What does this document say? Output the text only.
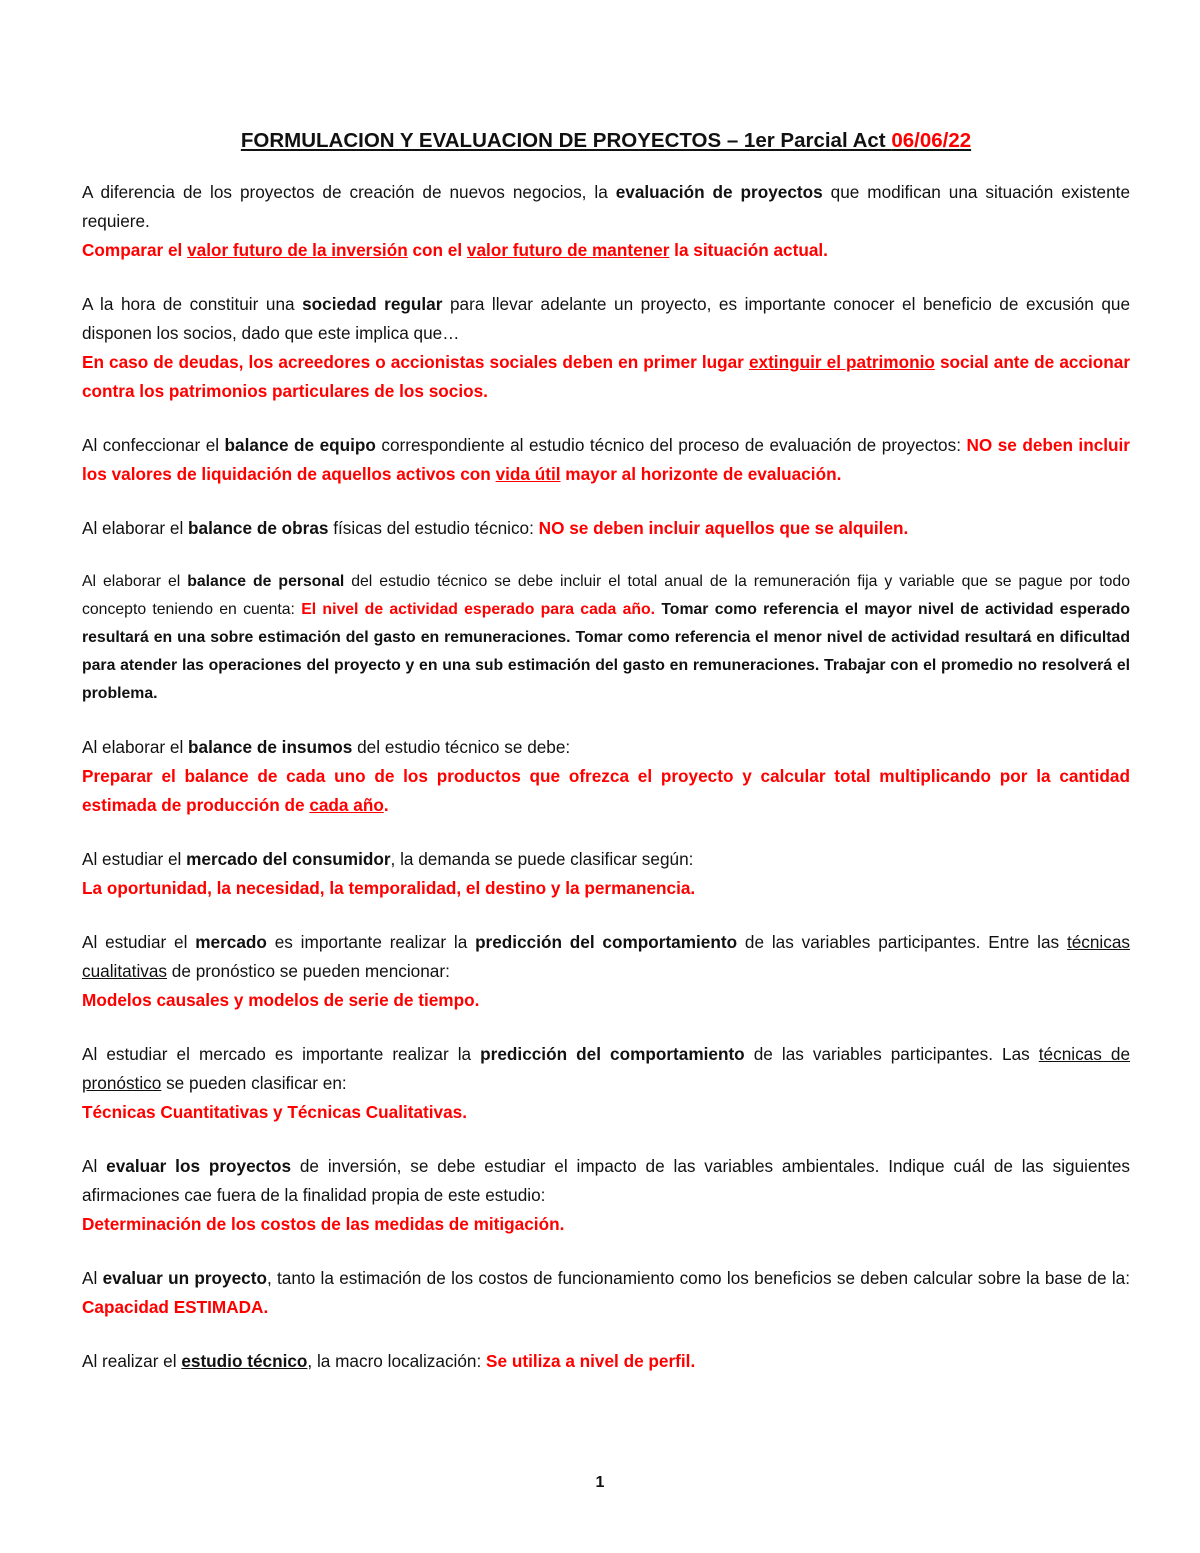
FORMULACION Y EVALUACION DE PROYECTOS – 1er Parcial Act 06/06/22
A diferencia de los proyectos de creación de nuevos negocios, la evaluación de proyectos que modifican una situación existente requiere.
Comparar el valor futuro de la inversión con el valor futuro de mantener la situación actual.
A la hora de constituir una sociedad regular para llevar adelante un proyecto, es importante conocer el beneficio de excusión que disponen los socios, dado que este implica que…
En caso de deudas, los acreedores o accionistas sociales deben en primer lugar extinguir el patrimonio social ante de accionar contra los patrimonios particulares de los socios.
Al confeccionar el balance de equipo correspondiente al estudio técnico del proceso de evaluación de proyectos: NO se deben incluir los valores de liquidación de aquellos activos con vida útil mayor al horizonte de evaluación.
Al elaborar el balance de obras físicas del estudio técnico: NO se deben incluir aquellos que se alquilen.
Al elaborar el balance de personal del estudio técnico se debe incluir el total anual de la remuneración fija y variable que se pague por todo concepto teniendo en cuenta: El nivel de actividad esperado para cada año. Tomar como referencia el mayor nivel de actividad esperado resultará en una sobre estimación del gasto en remuneraciones. Tomar como referencia el menor nivel de actividad resultará en dificultad para atender las operaciones del proyecto y en una sub estimación del gasto en remuneraciones. Trabajar con el promedio no resolverá el problema.
Al elaborar el balance de insumos del estudio técnico se debe:
Preparar el balance de cada uno de los productos que ofrezca el proyecto y calcular total multiplicando por la cantidad estimada de producción de cada año.
Al estudiar el mercado del consumidor, la demanda se puede clasificar según:
La oportunidad, la necesidad, la temporalidad, el destino y la permanencia.
Al estudiar el mercado es importante realizar la predicción del comportamiento de las variables participantes. Entre las técnicas cualitativas de pronóstico se pueden mencionar:
Modelos causales y modelos de serie de tiempo.
Al estudiar el mercado es importante realizar la predicción del comportamiento de las variables participantes. Las técnicas de pronóstico se pueden clasificar en:
Técnicas Cuantitativas y Técnicas Cualitativas.
Al evaluar los proyectos de inversión, se debe estudiar el impacto de las variables ambientales. Indique cuál de las siguientes afirmaciones cae fuera de la finalidad propia de este estudio:
Determinación de los costos de las medidas de mitigación.
Al evaluar un proyecto, tanto la estimación de los costos de funcionamiento como los beneficios se deben calcular sobre la base de la: Capacidad ESTIMADA.
Al realizar el estudio técnico, la macro localización: Se utiliza a nivel de perfil.
1
